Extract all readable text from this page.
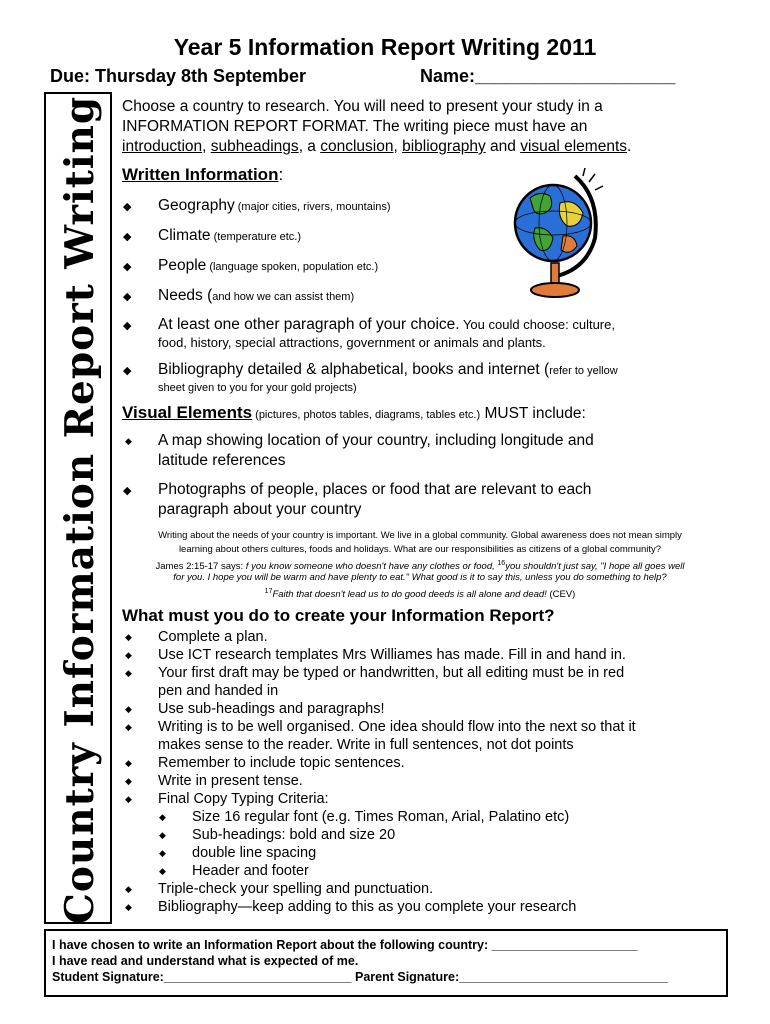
Year 5 Information Report Writing 2011
Due: Thursday 8th September	Name:____________________
Country Information Report Writing Choose a country to research. You will need to present your study in a
INFORMATION REPORT FORMAT. The writing piece must have an
introduction, subheadings, a conclusion, bibliography and visual elements.
Written Information:
◆ Geography (major cities, rivers, mountains)
◆ Climate (temperature etc.)
◆ People (language spoken, population etc.)
◆ Needs (and how we can assist them)
◆ At least one other paragraph of your choice. You could choose: culture,
food, history, special attractions, government or animals and plants.
◆ Bibliography detailed & alphabetical, books and internet (refer to yellow
sheet given to you for your gold projects)
Visual Elements (pictures, photos tables, diagrams, tables etc.) MUST include:
◆ A map showing location of your country, including longitude and
latitude references
◆ Photographs of people, places or food that are relevant to each
paragraph about your country
Writing about the needs of your country is important. We live in a global community. Global awareness does not mean simply
learning about others cultures, foods and holidays. What are our responsibilities as citizens of a global community?
James 2:15-17 says: f you know someone who doesn't have any clothes or food, $^{16}$you shouldn't just say, "I hope all goes well
for you. I hope you will be warm and have plenty to eat." What good is it to say this, unless you do something to help?
$^{17}$Faith that doesn't lead us to do good deeds is all alone and dead! (CEV)
What must you do to create your Information Report?
◆ Complete a plan.
◆ Use ICT research templates Mrs Williames has made. Fill in and hand in.
◆ Your first draft may be typed or handwritten, but all editing must be in red
pen and handed in
◆ Use sub-headings and paragraphs!
◆ Writing is to be well organised. One idea should flow into the next so that it
makes sense to the reader. Write in full sentences, not dot points
◆ Remember to include topic sentences.
◆ Write in present tense.
◆ Final Copy Typing Criteria:
◆ Size 16 regular font (e.g. Times Roman, Arial, Palatino etc)
◆ Sub-headings: bold and size 20
◆ double line spacing
◆ Header and footer
◆ Triple-check your spelling and punctuation.
◆ Bibliography—keep adding to this as you complete your research
I have chosen to write an Information Report about the following country: _____________________
I have read and understand what is expected of me.
Student Signature:___________________________ Parent Signature:______________________________
